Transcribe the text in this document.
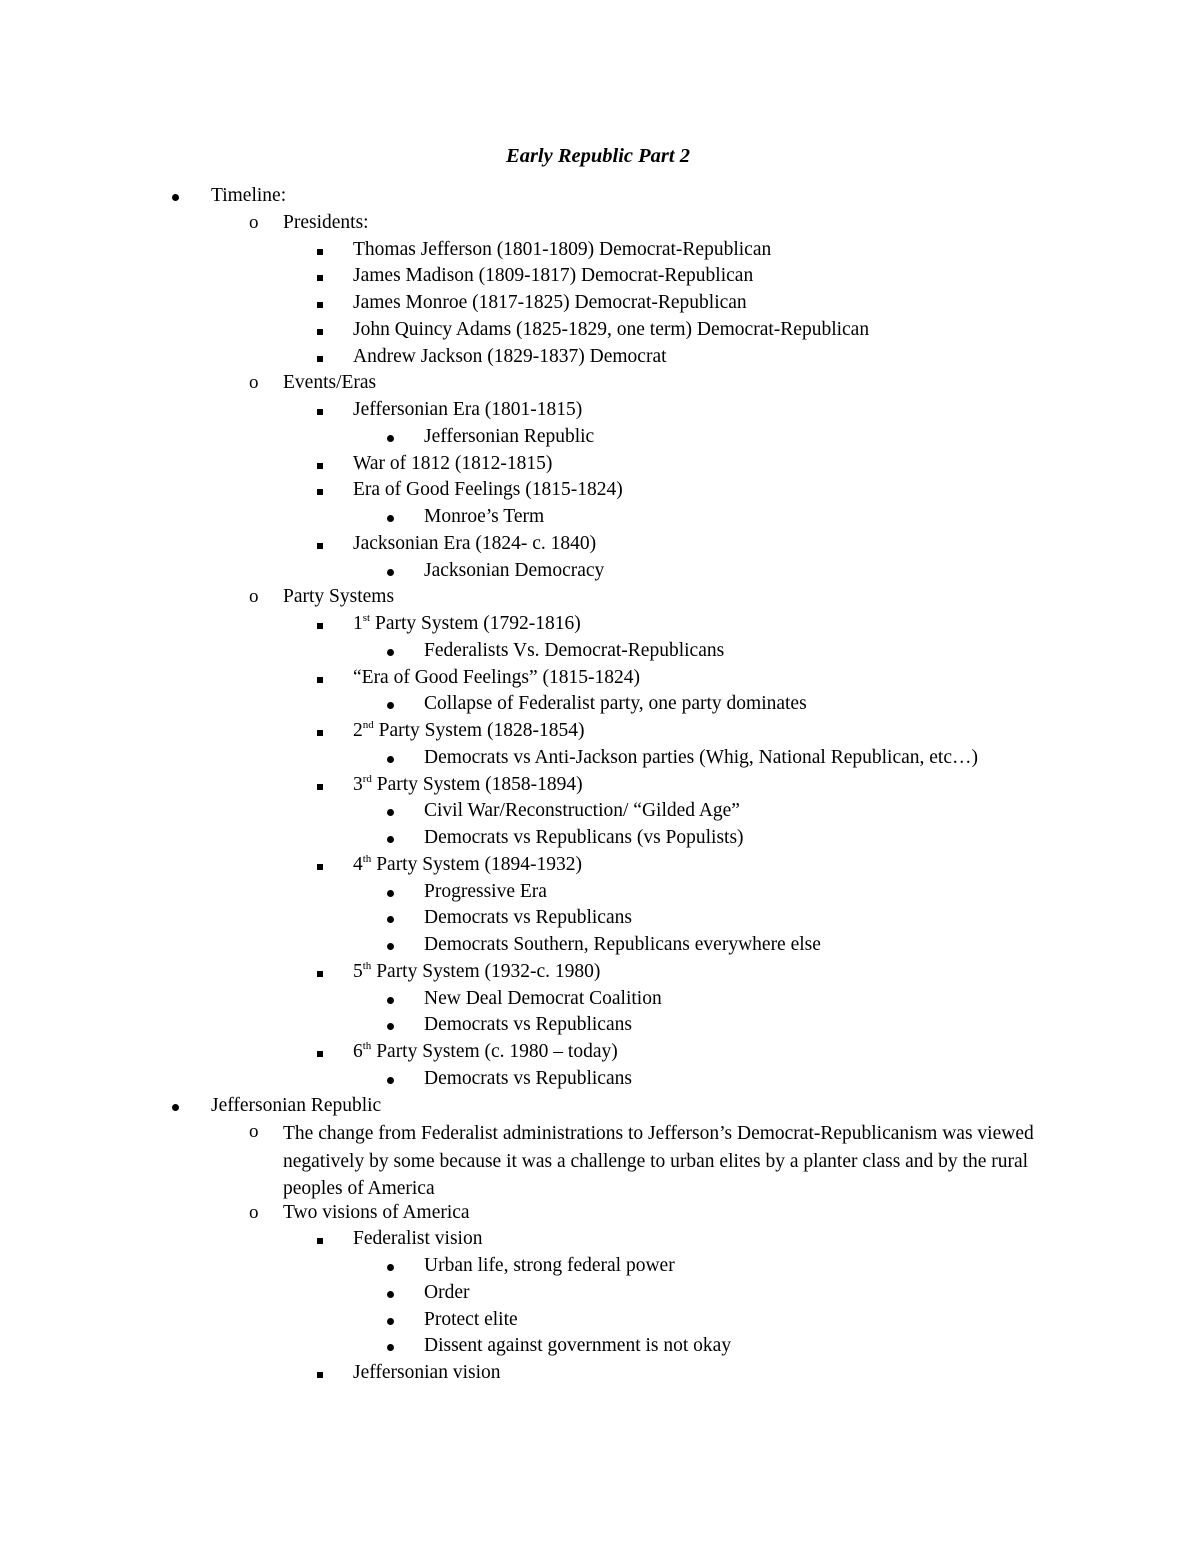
Early Republic Part 2
Timeline:
o	Presidents:
Thomas Jefferson (1801-1809) Democrat-Republican
James Madison (1809-1817) Democrat-Republican
James Monroe (1817-1825) Democrat-Republican
John Quincy Adams (1825-1829, one term) Democrat-Republican
Andrew Jackson (1829-1837) Democrat
o	Events/Eras
Jeffersonian Era (1801-1815)
Jeffersonian Republic
War of 1812 (1812-1815)
Era of Good Feelings (1815-1824)
Monroe’s Term
Jacksonian Era (1824- c. 1840)
Jacksonian Democracy
o	Party Systems
1st Party System (1792-1816)
Federalists Vs. Democrat-Republicans
“Era of Good Feelings” (1815-1824)
Collapse of Federalist party, one party dominates
2nd Party System (1828-1854)
Democrats vs Anti-Jackson parties (Whig, National Republican, etc…)
3rd Party System (1858-1894)
Civil War/Reconstruction/ “Gilded Age”
Democrats vs Republicans (vs Populists)
4th Party System (1894-1932)
Progressive Era
Democrats vs Republicans
Democrats Southern, Republicans everywhere else
5th Party System (1932-c. 1980)
New Deal Democrat Coalition
Democrats vs Republicans
6th Party System (c. 1980 – today)
Democrats vs Republicans
Jeffersonian Republic
o	The change from Federalist administrations to Jefferson’s Democrat-Republicanism was viewed negatively by some because it was a challenge to urban elites by a planter class and by the rural peoples of America
o	Two visions of America
Federalist vision
Urban life, strong federal power
Order
Protect elite
Dissent against government is not okay
Jeffersonian vision
